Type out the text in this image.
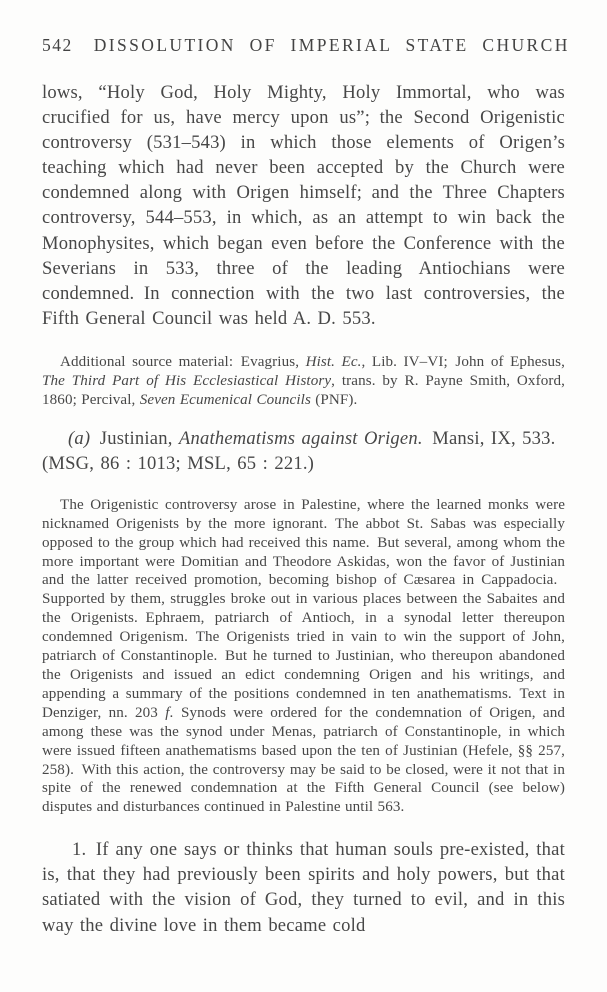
542 DISSOLUTION OF IMPERIAL STATE CHURCH

lows, “Holy God, Holy Mighty, Holy Immortal, who was crucified for us, have mercy upon us”; the Second Origenistic controversy (531–543) in which those elements of Origen’s teaching which had never been accepted by the Church were condemned along with Origen himself; and the Three Chapters controversy, 544–553, in which, as an attempt to win back the Monophysites, which began even before the Conference with the Severians in 533, three of the leading Antiochians were condemned. In connection with the two last controversies, the Fifth General Council was held A. D. 553.

Additional source material: Evagrius, Hist. Ec., Lib. IV–VI; John of Ephesus, The Third Part of His Ecclesiastical History, trans. by R. Payne Smith, Oxford, 1860; Percival, Seven Ecumenical Councils (PNF).

(a) Justinian, Anathematisms against Origen. Mansi, IX, 533. (MSG, 86 : 1013; MSL, 65 : 221.)

The Origenistic controversy arose in Palestine, where the learned monks were nicknamed Origenists by the more ignorant. The abbot St. Sabas was especially opposed to the group which had received this name. But several, among whom the more important were Domitian and Theodore Askidas, won the favor of Justinian and the latter received promotion, becoming bishop of Cæsarea in Cappadocia. Supported by them, struggles broke out in various places between the Sabaites and the Origenists. Ephraem, patriarch of Antioch, in a synodal letter thereupon condemned Origenism. The Origenists tried in vain to win the support of John, patriarch of Constantinople. But he turned to Justinian, who thereupon abandoned the Origenists and issued an edict condemning Origen and his writings, and appending a summary of the positions condemned in ten anathematisms. Text in Denziger, nn. 203 f. Synods were ordered for the condemnation of Origen, and among these was the synod under Menas, patriarch of Constantinople, in which were issued fifteen anathematisms based upon the ten of Justinian (Hefele, §§ 257, 258). With this action, the controversy may be said to be closed, were it not that in spite of the renewed condemnation at the Fifth General Council (see below) disputes and disturbances continued in Palestine until 563.

1. If any one says or thinks that human souls pre-existed, that is, that they had previously been spirits and holy powers, but that satiated with the vision of God, they turned to evil, and in this way the divine love in them became cold
